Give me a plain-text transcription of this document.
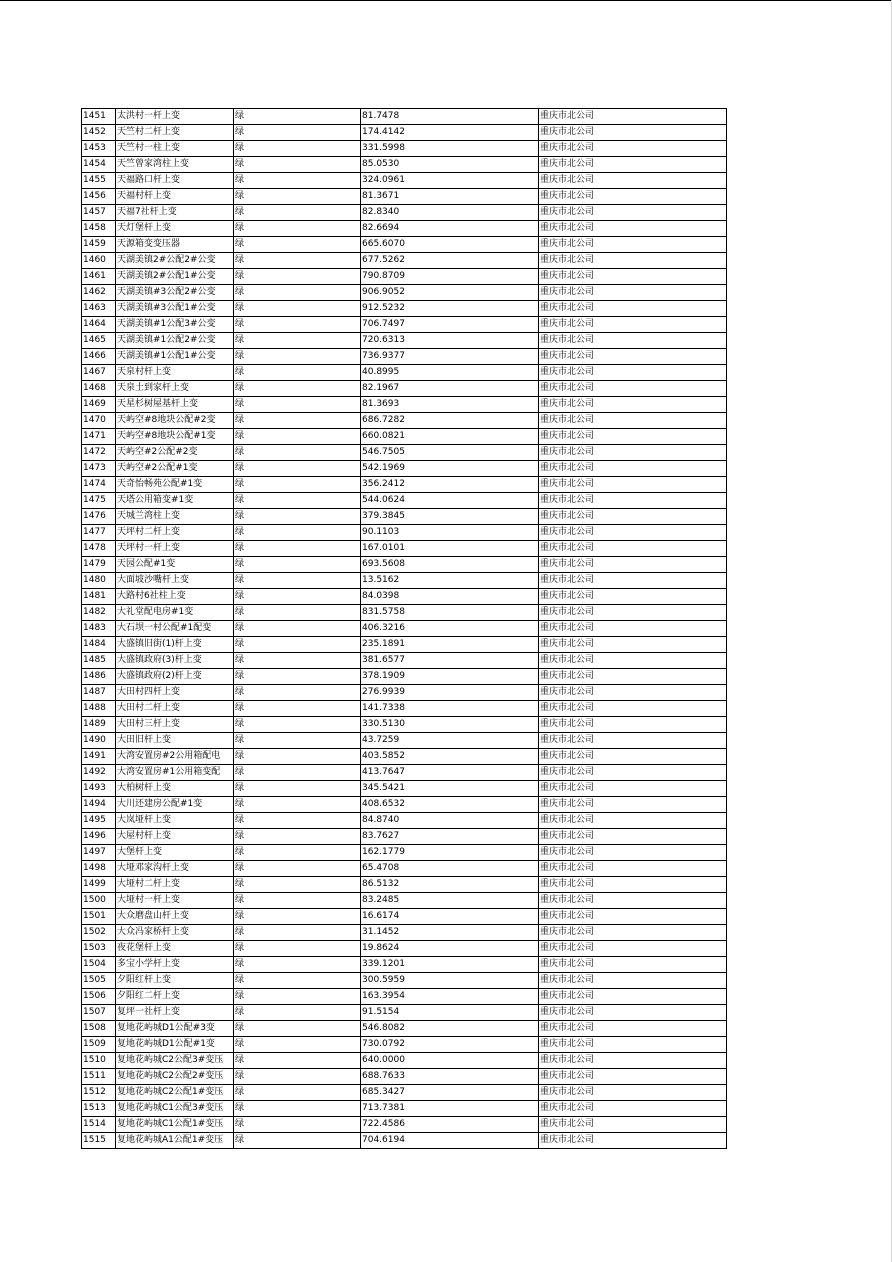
1451	太洪村一杆上变	绿	81.7478	重庆市北公司
1452	天竺村二杆上变	绿	174.4142	重庆市北公司
1453	天竺村一柱上变	绿	331.5998	重庆市北公司
1454	天竺曾家湾柱上变	绿	85.0530	重庆市北公司
1455	天福路口杆上变	绿	324.0961	重庆市北公司
1456	天福村杆上变	绿	81.3671	重庆市北公司
1457	天福7社杆上变	绿	82.8340	重庆市北公司
1458	天灯堡杆上变	绿	82.6694	重庆市北公司
1459	天源箱变变压器	绿	665.6070	重庆市北公司
1460	天湖美镇2#公配2#公变	绿	677.5262	重庆市北公司
1461	天湖美镇2#公配1#公变	绿	790.8709	重庆市北公司
1462	天湖美镇#3公配2#公变	绿	906.9052	重庆市北公司
1463	天湖美镇#3公配1#公变	绿	912.5232	重庆市北公司
1464	天湖美镇#1公配3#公变	绿	706.7497	重庆市北公司
1465	天湖美镇#1公配2#公变	绿	720.6313	重庆市北公司
1466	天湖美镇#1公配1#公变	绿	736.9377	重庆市北公司
1467	天泉村杆上变	绿	40.8995	重庆市北公司
1468	天泉土到家杆上变	绿	82.1967	重庆市北公司
1469	天星杉树屋基杆上变	绿	81.3693	重庆市北公司
1470	天屿空#8地块公配#2变	绿	686.7282	重庆市北公司
1471	天屿空#8地块公配#1变	绿	660.0821	重庆市北公司
1472	天屿空#2公配#2变	绿	546.7505	重庆市北公司
1473	天屿空#2公配#1变	绿	542.1969	重庆市北公司
1474	天奇怡畅苑公配#1变	绿	356.2412	重庆市北公司
1475	天塔公用箱变#1变	绿	544.0624	重庆市北公司
1476	天城兰湾柱上变	绿	379.3845	重庆市北公司
1477	天坪村二杆上变	绿	90.1103	重庆市北公司
1478	天坪村一杆上变	绿	167.0101	重庆市北公司
1479	天园公配#1变	绿	693.5608	重庆市北公司
1480	大面坡沙嘴杆上变	绿	13.5162	重庆市北公司
1481	大路村6社柱上变	绿	84.0398	重庆市北公司
1482	大礼堂配电房#1变	绿	831.5758	重庆市北公司
1483	大石坝一村公配#1配变	绿	406.3216	重庆市北公司
1484	大盛镇旧街(1)杆上变	绿	235.1891	重庆市北公司
1485	大盛镇政府(3)杆上变	绿	381.6577	重庆市北公司
1486	大盛镇政府(2)杆上变	绿	378.1909	重庆市北公司
1487	大田村四杆上变	绿	276.9939	重庆市北公司
1488	大田村二杆上变	绿	141.7338	重庆市北公司
1489	大田村三杆上变	绿	330.5130	重庆市北公司
1490	大田旧杆上变	绿	43.7259	重庆市北公司
1491	大湾安置房#2公用箱配电	绿	403.5852	重庆市北公司
1492	大湾安置房#1公用箱变配	绿	413.7647	重庆市北公司
1493	大柏树杆上变	绿	345.5421	重庆市北公司
1494	大川还建房公配#1变	绿	408.6532	重庆市北公司
1495	大岚垭杆上变	绿	84.8740	重庆市北公司
1496	大屋村杆上变	绿	83.7627	重庆市北公司
1497	大堡杆上变	绿	162.1779	重庆市北公司
1498	大垭邓家沟杆上变	绿	65.4708	重庆市北公司
1499	大垭村二杆上变	绿	86.5132	重庆市北公司
1500	大垭村一杆上变	绿	83.2485	重庆市北公司
1501	大众磨盘山杆上变	绿	16.6174	重庆市北公司
1502	大众冯家桥杆上变	绿	31.1452	重庆市北公司
1503	夜花堡杆上变	绿	19.8624	重庆市北公司
1504	多宝小学杆上变	绿	339.1201	重庆市北公司
1505	夕阳红杆上变	绿	300.5959	重庆市北公司
1506	夕阳红二杆上变	绿	163.3954	重庆市北公司
1507	复坪一社杆上变	绿	91.5154	重庆市北公司
1508	复地花屿城D1公配#3变	绿	546.8082	重庆市北公司
1509	复地花屿城D1公配#1变	绿	730.0792	重庆市北公司
1510	复地花屿城C2公配3#变压	绿	640.0000	重庆市北公司
1511	复地花屿城C2公配2#变压	绿	688.7633	重庆市北公司
1512	复地花屿城C2公配1#变压	绿	685.3427	重庆市北公司
1513	复地花屿城C1公配3#变压	绿	713.7381	重庆市北公司
1514	复地花屿城C1公配1#变压	绿	722.4586	重庆市北公司
1515	复地花屿城A1公配1#变压	绿	704.6194	重庆市北公司
